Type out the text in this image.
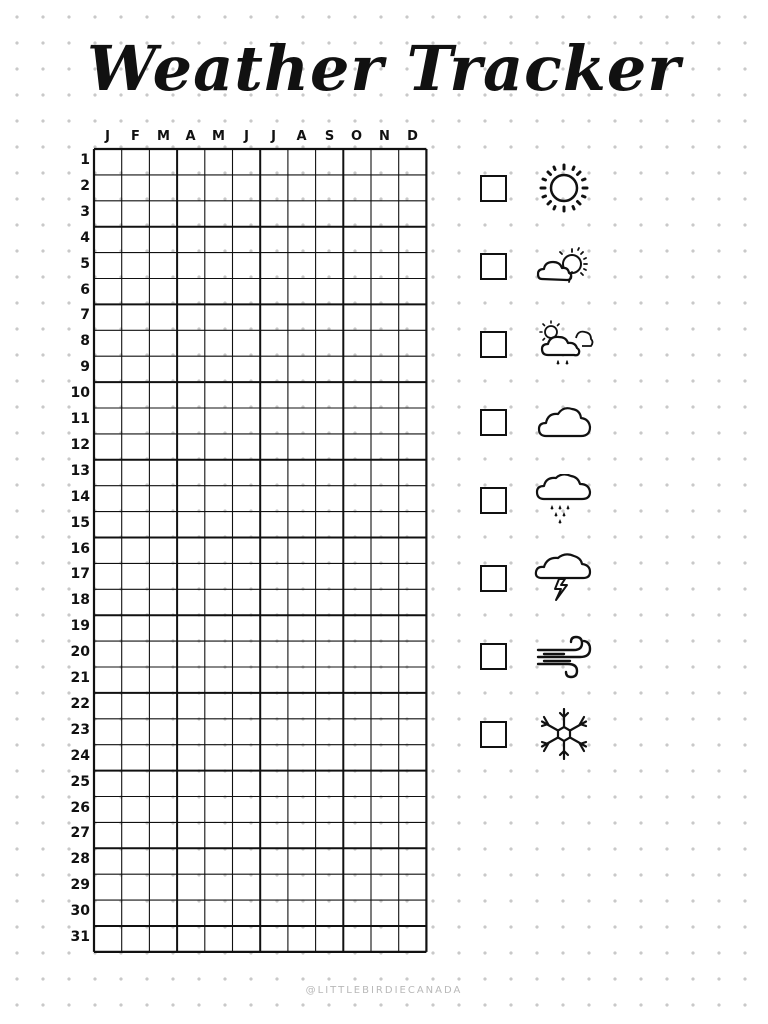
Weather Tracker
J	F	M	A	M	J	J	A	S	O	N	D
1
2
3
4
5
6
7
8
9
10
11
12
13
14
15
16
17
18
19
20
21
22
23
24
25
26
27
28
29
30
31
@LITTLEBIRDIECANADA
